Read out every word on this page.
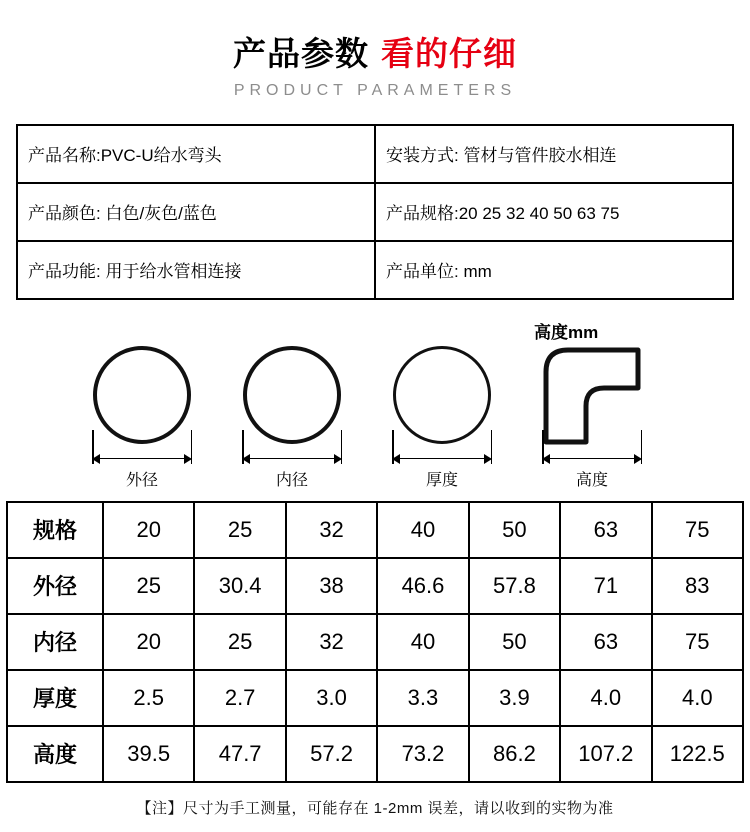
产品参数 看的仔细
PRODUCT PARAMETERS
产品名称:PVC-U给水弯头	安装方式: 管材与管件胶水相连
产品颜色: 白色/灰色/蓝色	产品规格:20 25 32 40 50 63 75
产品功能: 用于给水管相连接	产品单位: mm
高度mm
外径	内径	厚度	高度
规格	20	25	32	40	50	63	75
外径	25	30.4	38	46.6	57.8	71	83
内径	20	25	32	40	50	63	75
厚度	2.5	2.7	3.0	3.3	3.9	4.0	4.0
高度	39.5	47.7	57.2	73.2	86.2	107.2	122.5
【注】尺寸为手工测量，可能存在 1-2mm 误差，请以收到的实物为准
